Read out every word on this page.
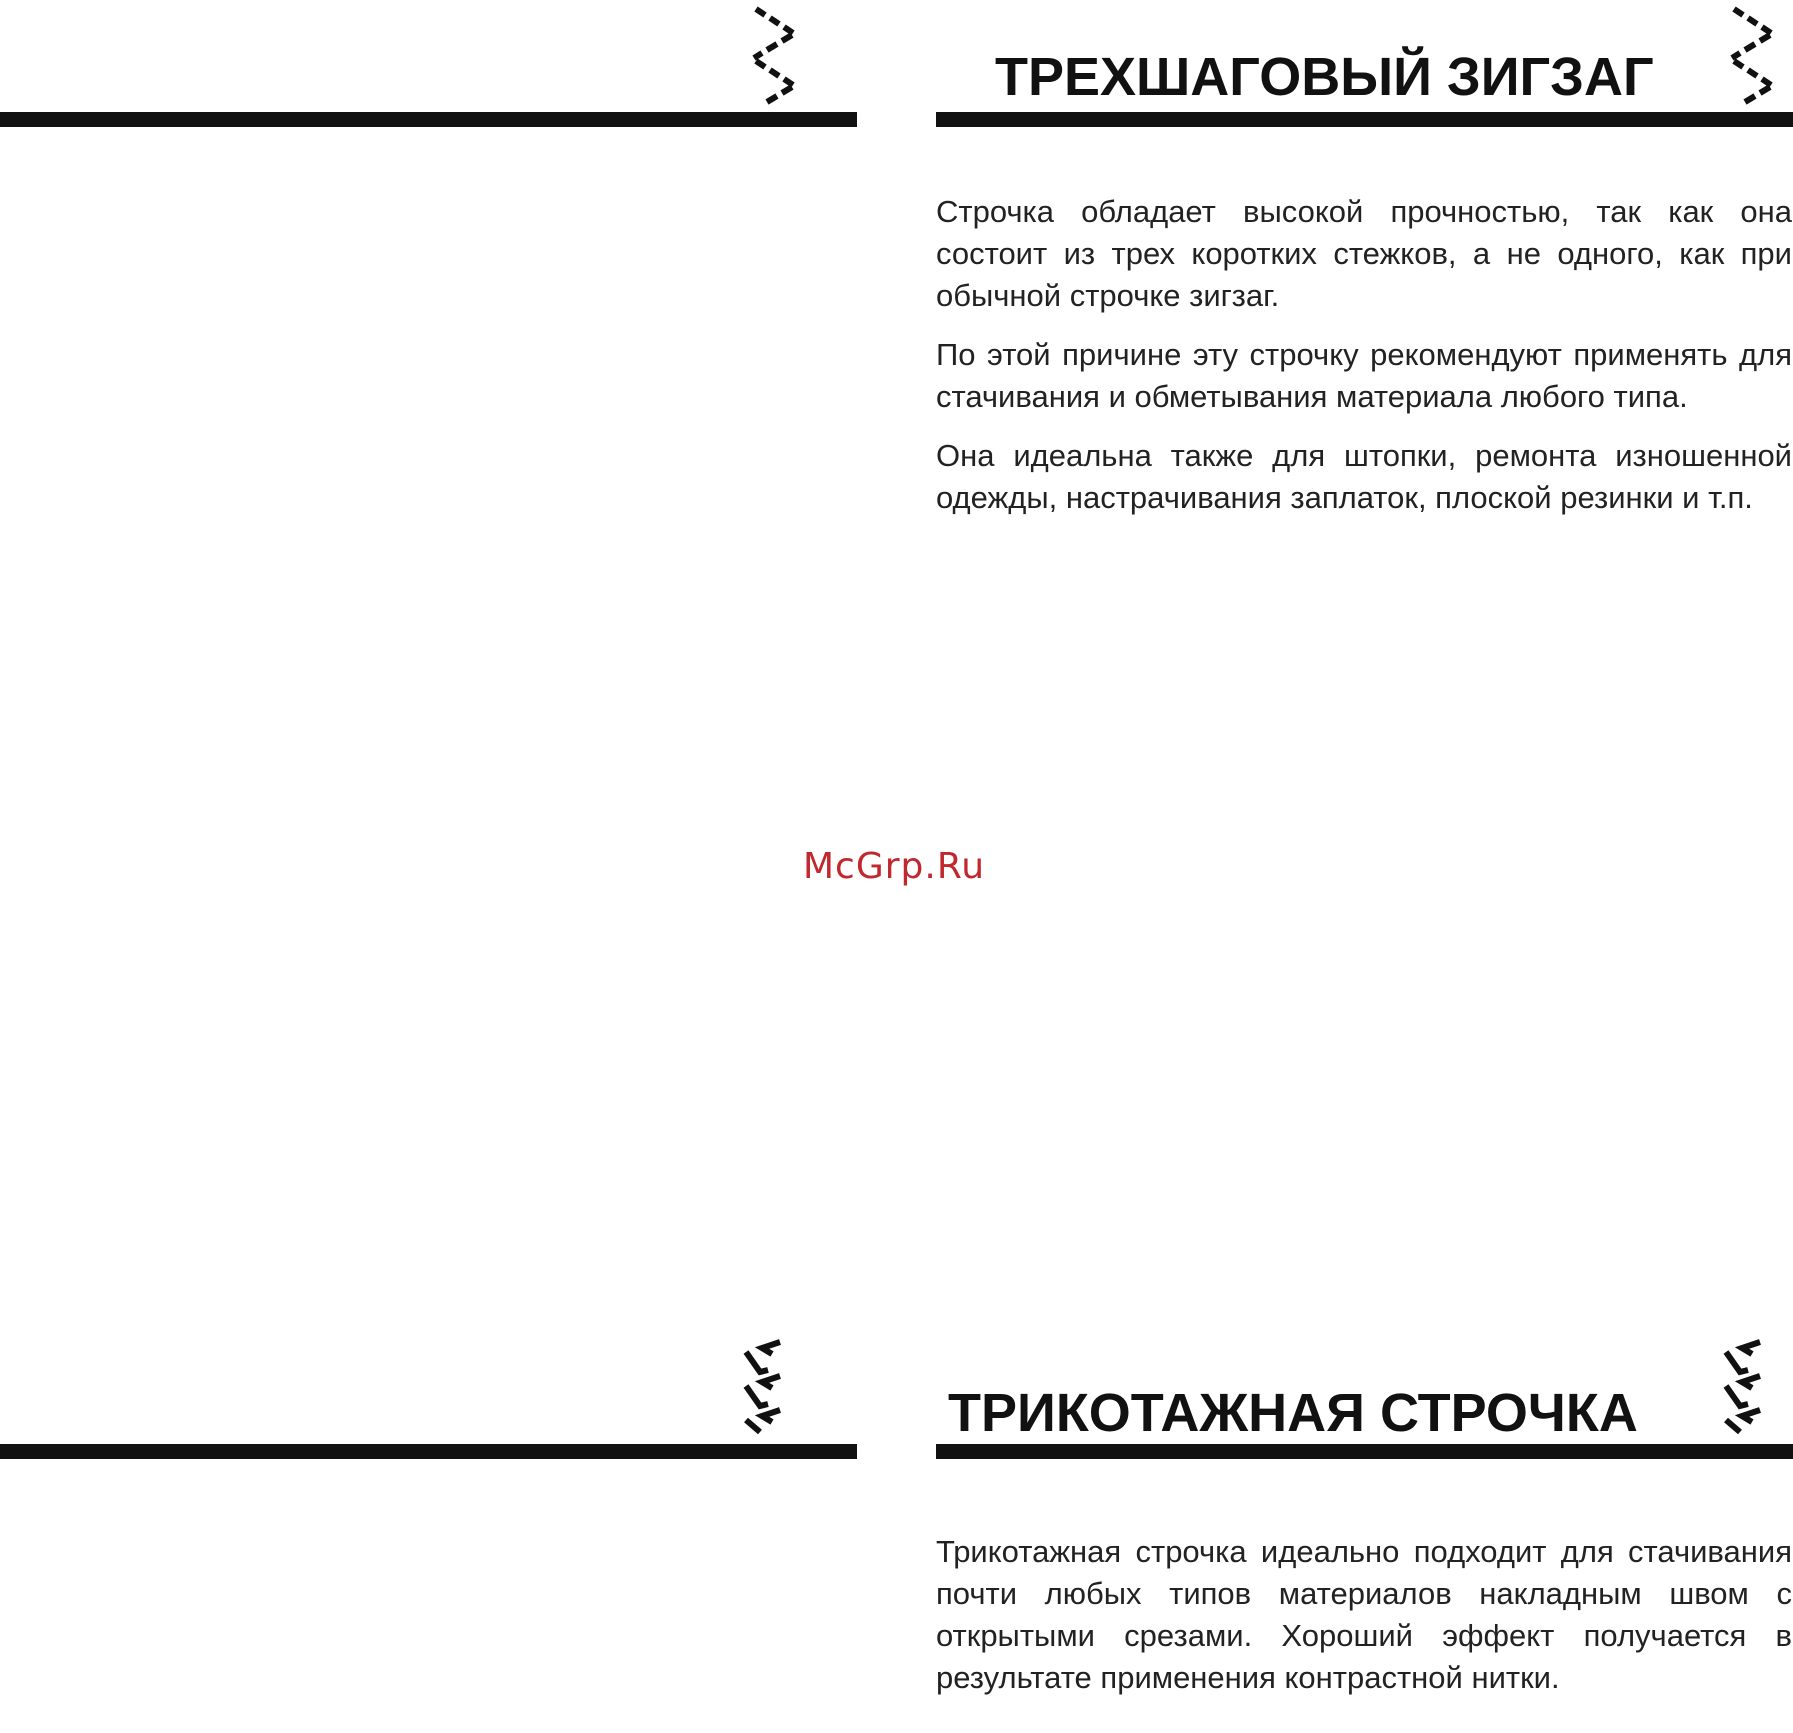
ТРЕХШАГОВЫЙ ЗИГЗАГ

Строчка обладает высокой прочностью, так как она состоит из трех коротких стежков, а не одного, как при обычной строчке зигзаг.

По этой причине эту строчку рекомендуют применять для стачивания и обметывания материала любого типа.

Она идеальна также для штопки, ремонта изношенной одежды, настрачивания заплаток, плоской резинки и т.п.

McGrp.Ru
ТРИКОТАЖНАЯ СТРОЧКА

Трикотажная строчка идеально подходит для стачивания почти любых типов материалов накладным швом с открытыми срезами. Хороший эффект получается в результате применения контрастной нитки.
